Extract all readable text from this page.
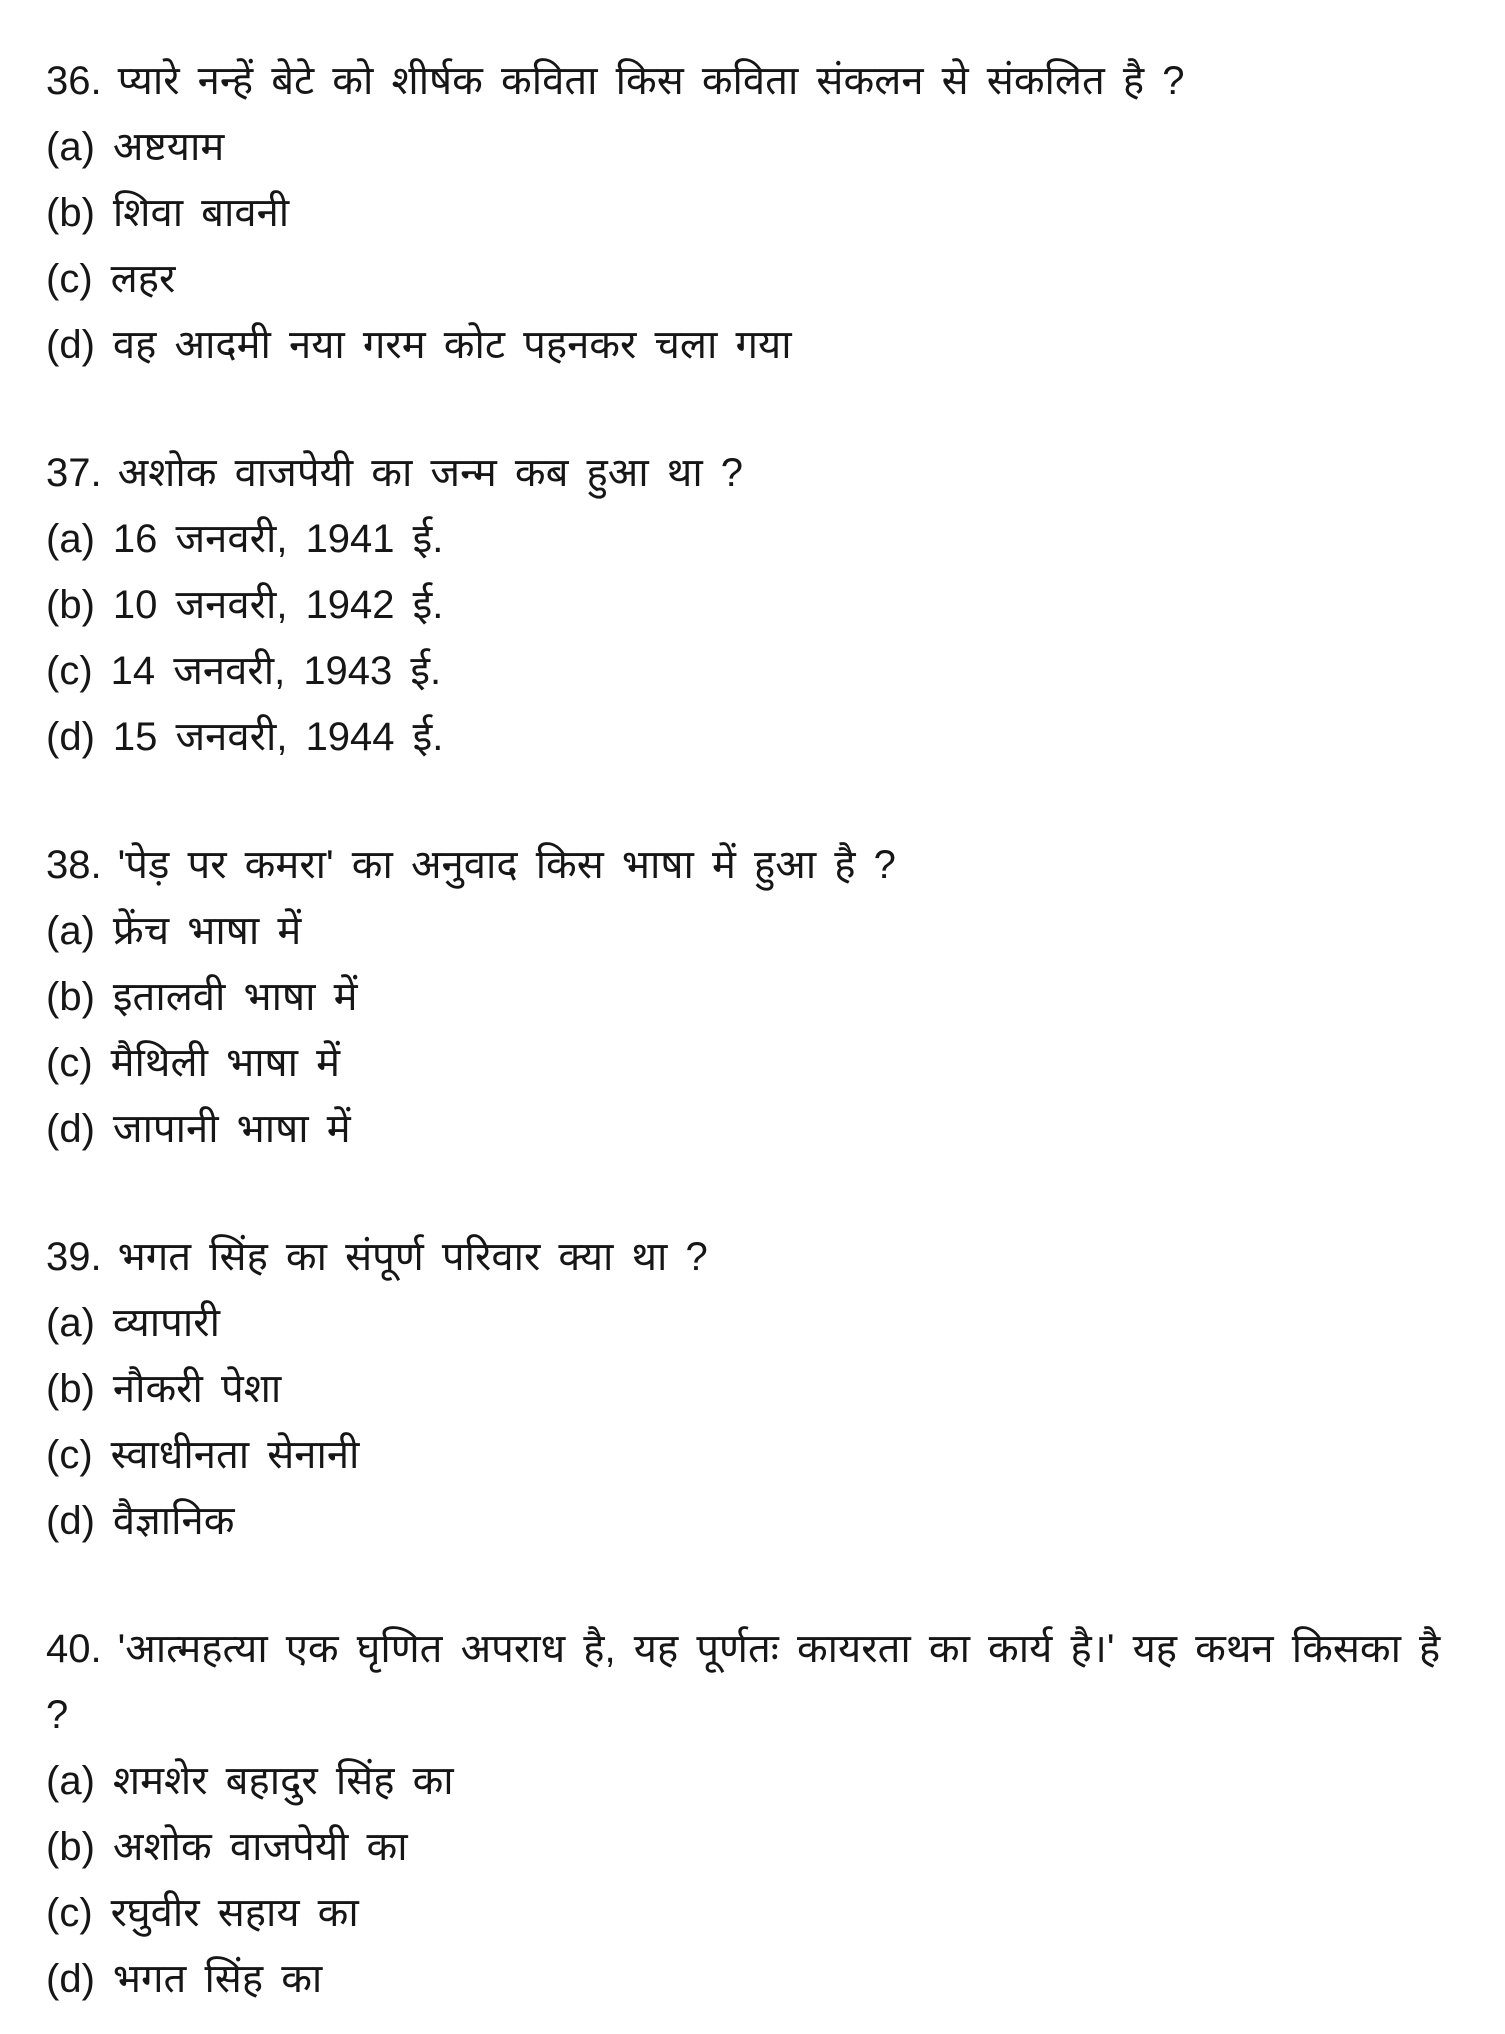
36. प्यारे नन्हें बेटे को शीर्षक कविता किस कविता संकलन से संकलित है ?

(a) अष्टयाम

(b) शिवा बावनी

(c) लहर

(d) वह आदमी नया गरम कोट पहनकर चला गया

37. अशोक वाजपेयी का जन्म कब हुआ था ?

(a) 16 जनवरी, 1941 ई.

(b) 10 जनवरी, 1942 ई.

(c) 14 जनवरी, 1943 ई.

(d) 15 जनवरी, 1944 ई.

38. 'पेड़ पर कमरा' का अनुवाद किस भाषा में हुआ है ?

(a) फ्रेंच भाषा में

(b) इतालवी भाषा में

(c) मैथिली भाषा में

(d) जापानी भाषा में

39. भगत सिंह का संपूर्ण परिवार क्या था ?

(a) व्यापारी

(b) नौकरी पेशा

(c) स्वाधीनता सेनानी

(d) वैज्ञानिक

40. 'आत्महत्या एक घृणित अपराध है, यह पूर्णतः कायरता का कार्य है।' यह कथन किसका है ?

(a) शमशेर बहादुर सिंह का

(b) अशोक वाजपेयी का

(c) रघुवीर सहाय का

(d) भगत सिंह का
